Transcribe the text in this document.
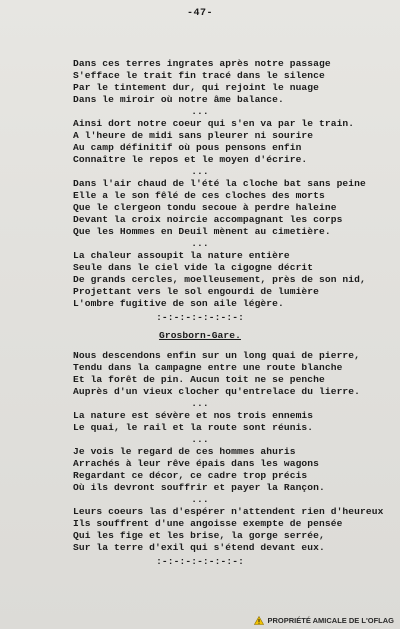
-47-
Dans ces terres ingrates après notre passage
S'efface le trait fin tracé dans le silence
Par le tintement dur, qui rejoint le nuage
Dans le miroir où notre âme balance.
...
Ainsi dort notre coeur qui s'en va par le train.
A l'heure de midi sans pleurer ni sourire
Au camp définitif où pous pensons enfin
Connaître le repos et le moyen d'écrire.
...
Dans l'air chaud de l'été la cloche bat sans peine
Elle a le son fêlé de ces cloches des morts
Que le clergeon tondu secoue à perdre haleine
Devant la croix noircie accompagnant les corps
Que les Hommes en Deuil mènent au cimetière.
...
La chaleur assoupit la nature entière
Seule dans le ciel vide la cigogne décrit
De grands cercles, moelleusement, près de son nid,
Projettant vers le sol engourdi de lumière
L'ombre fugitive de son aile légère.
:-:-:-:-:-:-:-:
Grosborn-Gare.
Nous descendons enfin sur un long quai de pierre,
Tendu dans la campagne entre une route blanche
Et la forêt de pin. Aucun toit ne se penche
Auprès d'un vieux clocher qu'entrelace du lierre.
...
La nature est sévère et nos trois ennemis
Le quai, le rail et la route sont réunis.
...
Je vois le regard de ces hommes ahuris
Arrachés à leur rêve épais dans les wagons
Regardant ce décor, ce cadre trop précis
Où ils devront souffrir et payer la Rançon.
...
Leurs coeurs las d'espérer n'attendent rien d'heureux
Ils souffrent d'une angoisse exempte de pensée
Qui les fige et les brise, la gorge serrée,
Sur la terre d'exil qui s'étend devant eux.
:-:-:-:-:-:-:-:
PROPRIÉTÉ AMICALE DE L'OFLAG
